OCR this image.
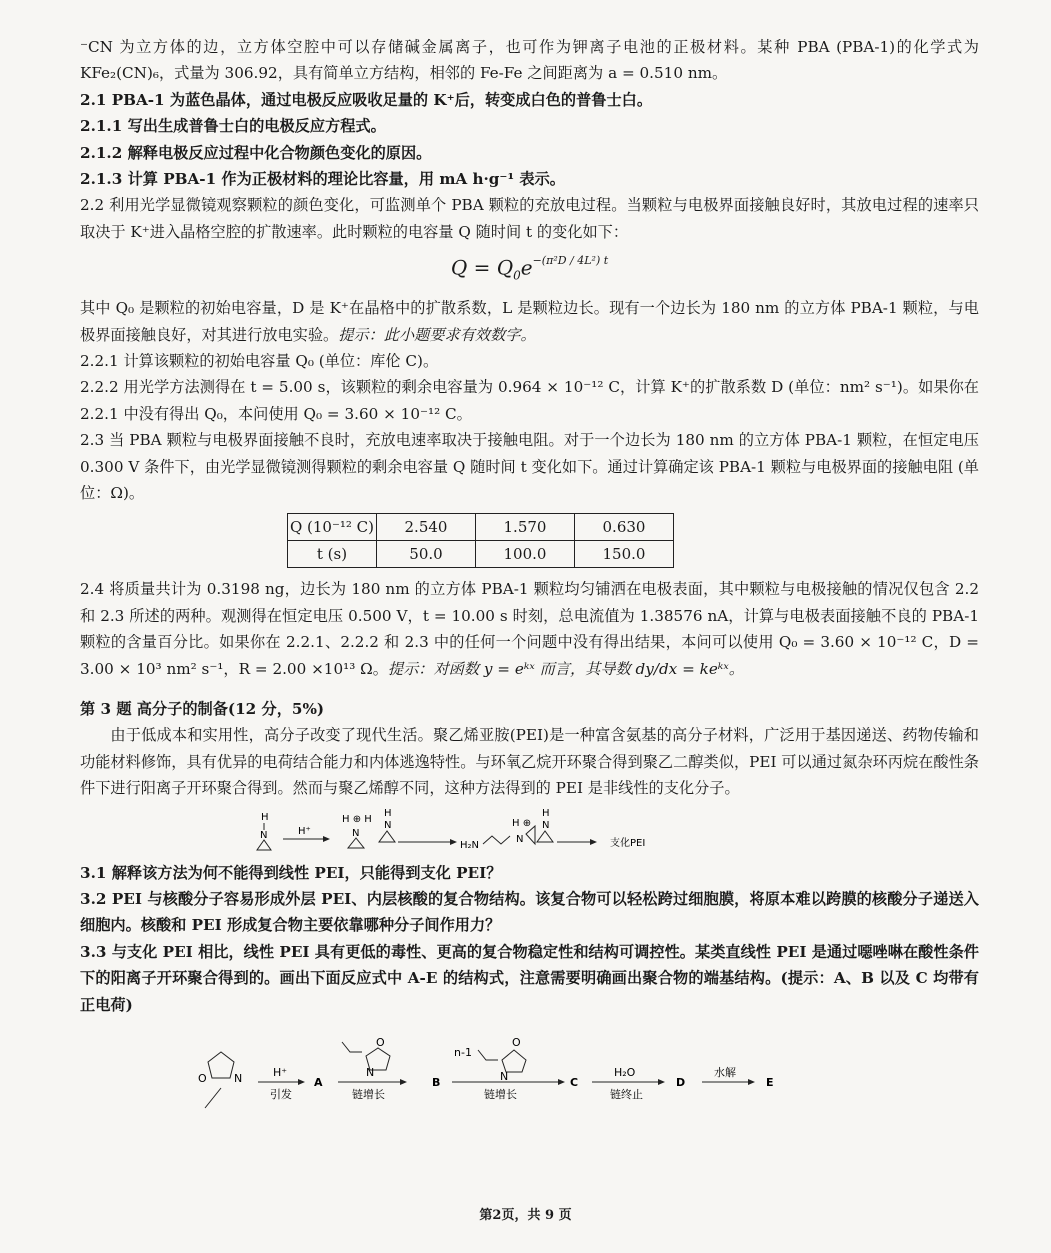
⁻CN 为立方体的边，立方体空腔中可以存储碱金属离子，也可作为钾离子电池的正极材料。某种 PBA (PBA-1)的化学式为 KFe₂(CN)₆，式量为 306.92，具有简单立方结构，相邻的 Fe-Fe 之间距离为 a = 0.510 nm。

2.1 PBA-1 为蓝色晶体，通过电极反应吸收足量的 K⁺后，转变成白色的普鲁士白。

2.1.1 写出生成普鲁士白的电极反应方程式。

2.1.2 解释电极反应过程中化合物颜色变化的原因。

2.1.3 计算 PBA-1 作为正极材料的理论比容量，用 mA h·g⁻¹ 表示。

2.2 利用光学显微镜观察颗粒的颜色变化，可监测单个 PBA 颗粒的充放电过程。当颗粒与电极界面接触良好时，其放电过程的速率只取决于 K⁺进入晶格空腔的扩散速率。此时颗粒的电容量 Q 随时间 t 的变化如下：

$Q = Q_0e^{-(\pi^2D / 4L^2) t}$

其中 Q₀ 是颗粒的初始电容量，D 是 K⁺在晶格中的扩散系数，L 是颗粒边长。现有一个边长为 180 nm 的立方体 PBA-1 颗粒，与电极界面接触良好，对其进行放电实验。提示：此小题要求有效数字。

2.2.1 计算该颗粒的初始电容量 Q₀ (单位：库伦 C)。

2.2.2 用光学方法测得在 t = 5.00 s，该颗粒的剩余电容量为 0.964 × 10⁻¹² C，计算 K⁺的扩散系数 D (单位：nm² s⁻¹)。如果你在 2.2.1 中没有得出 Q₀，本问使用 Q₀ = 3.60 × 10⁻¹² C。

2.3 当 PBA 颗粒与电极界面接触不良时，充放电速率取决于接触电阻。对于一个边长为 180 nm 的立方体 PBA-1 颗粒，在恒定电压 0.300 V 条件下，由光学显微镜测得颗粒的剩余电容量 Q 随时间 t 变化如下。通过计算确定该 PBA-1 颗粒与电极界面的接触电阻 (单位：Ω)。

Q (10⁻¹² C)	2.540	1.570	0.630
t (s)	50.0	100.0	150.0

2.4 将质量共计为 0.3198 ng，边长为 180 nm 的立方体 PBA-1 颗粒均匀铺洒在电极表面，其中颗粒与电极接触的情况仅包含 2.2 和 2.3 所述的两种。观测得在恒定电压 0.500 V，t = 10.00 s 时刻，总电流值为 1.38576 nA，计算与电极表面接触不良的 PBA-1 颗粒的含量百分比。如果你在 2.2.1、2.2.2 和 2.3 中的任何一个问题中没有得出结果，本问可以使用 Q₀ = 3.60 × 10⁻¹² C，D = 3.00 × 10³ nm² s⁻¹，R = 2.00 ×10¹³ Ω。提示：对函数 y = eᵏˣ 而言，其导数 dy/dx = keᵏˣ。

第 3 题 高分子的制备(12 分，5%)

由于低成本和实用性，高分子改变了现代生活。聚乙烯亚胺(PEI)是一种富含氨基的高分子材料，广泛用于基因递送、药物传输和功能材料修饰，具有优异的电荷结合能力和内体逃逸特性。与环氧乙烷开环聚合得到聚乙二醇类似，PEI 可以通过氮杂环丙烷在酸性条件下进行阳离子开环聚合得到。然而与聚乙烯醇不同，这种方法得到的 PEI 是非线性的支化分子。

H
N	H⁺
H ⊕ H
N
H
N
H₂N
H ⊕
N
H
N
支化PEI

3.1 解释该方法为何不能得到线性 PEI，只能得到支化 PEI？

3.2 PEI 与核酸分子容易形成外层 PEI、内层核酸的复合物结构。该复合物可以轻松跨过细胞膜，将原本难以跨膜的核酸分子递送入细胞内。核酸和 PEI 形成复合物主要依靠哪种分子间作用力？

3.3 与支化 PEI 相比，线性 PEI 具有更低的毒性、更高的复合物稳定性和结构可调控性。某类直线性 PEI 是通过噁唑啉在酸性条件下的阳离子开环聚合得到的。画出下面反应式中 A-E 的结构式，注意需要明确画出聚合物的端基结构。(提示：A、B 以及 C 均带有正电荷)

O N	H⁺
引发
A
O
N
链增长
B
n-1
O
N
链增长
C
H₂O
链终止
D
水解
E
第2页，共 9 页
